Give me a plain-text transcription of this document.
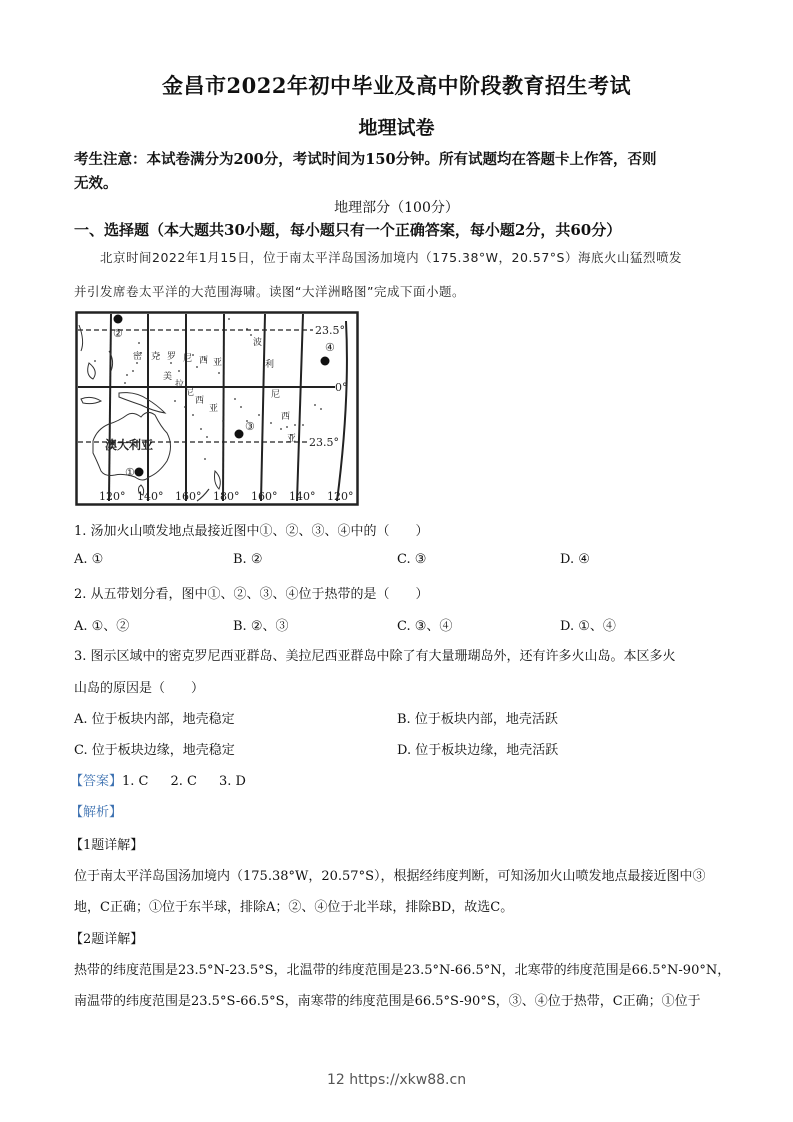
金昌市2022年初中毕业及高中阶段教育招生考试
地理试卷
考生注意：本试卷满分为200分，考试时间为150分钟。所有试题均在答题卡上作答，否则
无效。
地理部分（100分）
一、选择题（本大题共30小题，每小题只有一个正确答案，每小题2分，共60分）
北京时间2022年1月15日，位于南太平洋岛国汤加境内（175.38°W，20.57°S）海底火山猛烈喷发
并引发席卷太平洋的大范围海啸。读图“大洋洲略图”完成下面小题。
密 克 罗 尼 西 亚
美
拉
尼
西
亚
波
利
尼
西
亚
澳大利亚
23.5°
0°
23.5°
120° 140° 160° 180° 160° 140° 120°
①
②
③
④
1. 汤加火山喷发地点最接近图中①、②、③、④中的（　　）
A. ①	B. ②	C. ③	D. ④
2. 从五带划分看，图中①、②、③、④位于热带的是（　　）
A. ①、②	B. ②、③	C. ③、④	D. ①、④
3. 图示区域中的密克罗尼西亚群岛、美拉尼西亚群岛中除了有大量珊瑚岛外，还有许多火山岛。本区多火
山岛的原因是（　　）
A. 位于板块内部，地壳稳定	B. 位于板块内部，地壳活跃
C. 位于板块边缘，地壳稳定	D. 位于板块边缘，地壳活跃
【答案】1. C 2. C 3. D
【解析】
【1题详解】
位于南太平洋岛国汤加境内（175.38°W，20.57°S），根据经纬度判断，可知汤加火山喷发地点最接近图中③
地，C正确；①位于东半球，排除A；②、④位于北半球，排除BD，故选C。
【2题详解】
热带的纬度范围是23.5°N-23.5°S，北温带的纬度范围是23.5°N-66.5°N，北寒带的纬度范围是66.5°N-90°N，
南温带的纬度范围是23.5°S-66.5°S，南寒带的纬度范围是66.5°S-90°S，③、④位于热带，C正确；①位于
12 https://xkw88.cn
